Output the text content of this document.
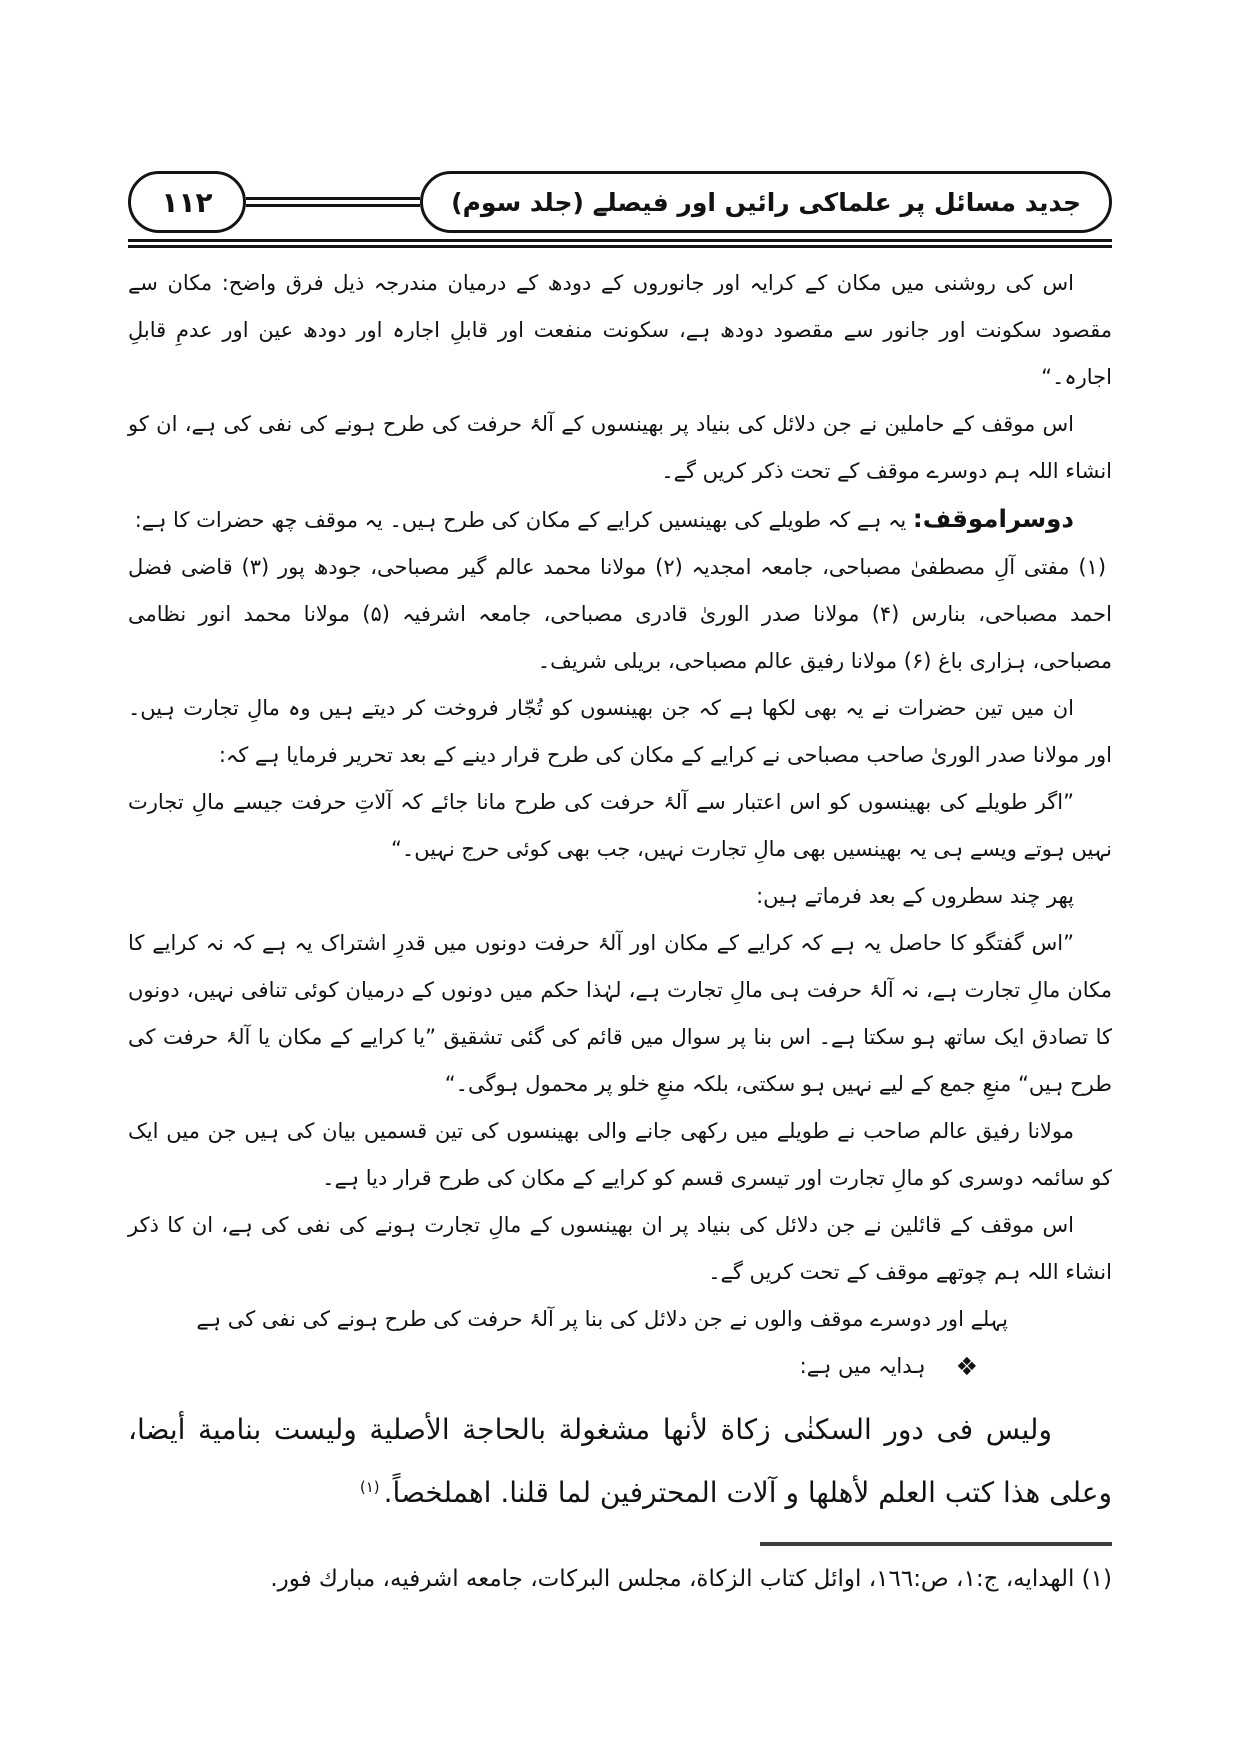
۱۱۲	جدید مسائل پر علماکی رائیں اور فیصلے (جلد سوم)

اس کی روشنی میں مکان کے کرایہ اور جانوروں کے دودھ کے درمیان مندرجہ ذیل فرق واضح: مکان سے مقصود سکونت اور جانور سے مقصود دودھ ہے، سکونت منفعت اور قابلِ اجارہ اور دودھ عین اور عدمِ قابلِ اجارہ۔“

اس موقف کے حاملین نے جن دلائل کی بنیاد پر بھینسوں کے آلۂ حرفت کی طرح ہونے کی نفی کی ہے، ان کو انشاء اللہ ہم دوسرے موقف کے تحت ذکر کریں گے۔

دوسراموقف: یہ ہے کہ طویلے کی بھینسیں کرایے کے مکان کی طرح ہیں۔ یہ موقف چھ حضرات کا ہے:

(۱) مفتی آلِ مصطفیٰ مصباحی، جامعہ امجدیہ (۲) مولانا محمد عالم گیر مصباحی، جودھ پور (۳) قاضی فضل احمد مصباحی، بنارس (۴) مولانا صدر الورىٰ قادری مصباحی، جامعہ اشرفیہ (۵) مولانا محمد انور نظامی مصباحی، ہزاری باغ (۶) مولانا رفیق عالم مصباحی، بریلی شریف۔

ان میں تین حضرات نے یہ بھی لکھا ہے کہ جن بھینسوں کو تُجّار فروخت کر دیتے ہیں وہ مالِ تجارت ہیں۔ اور مولانا صدر الورىٰ صاحب مصباحی نے کرایے کے مکان کی طرح قرار دینے کے بعد تحریر فرمایا ہے کہ:

”اگر طویلے کی بھینسوں کو اس اعتبار سے آلۂ حرفت کی طرح مانا جائے کہ آلاتِ حرفت جیسے مالِ تجارت نہیں ہوتے ویسے ہی یہ بھینسیں بھی مالِ تجارت نہیں، جب بھی کوئی حرج نہیں۔“

پھر چند سطروں کے بعد فرماتے ہیں:

”اس گفتگو کا حاصل یہ ہے کہ کرایے کے مکان اور آلۂ حرفت دونوں میں قدرِ اشتراک یہ ہے کہ نہ کرایے کا مکان مالِ تجارت ہے، نہ آلۂ حرفت ہی مالِ تجارت ہے، لہٰذا حکم میں دونوں کے درمیان کوئی تنافی نہیں، دونوں کا تصادق ایک ساتھ ہو سکتا ہے۔ اس بنا پر سوال میں قائم کی گئی تشقیق ”یا کرایے کے مکان یا آلۂ حرفت کی طرح ہیں“ منعِ جمع کے لیے نہیں ہو سکتی، بلکہ منعِ خلو پر محمول ہوگی۔“

مولانا رفیق عالم صاحب نے طویلے میں رکھی جانے والی بھینسوں کی تین قسمیں بیان کی ہیں جن میں ایک کو سائمہ دوسری کو مالِ تجارت اور تیسری قسم کو کرایے کے مکان کی طرح قرار دیا ہے۔

اس موقف کے قائلین نے جن دلائل کی بنیاد پر ان بھینسوں کے مالِ تجارت ہونے کی نفی کی ہے، ان کا ذکر انشاء اللہ ہم چوتھے موقف کے تحت کریں گے۔

پہلے اور دوسرے موقف والوں نے جن دلائل کی بنا پر آلۂ حرفت کی طرح ہونے کی نفی کی ہے

❖
ہدایہ میں ہے:

وليس فى دور السكنٰى زكاة لأنها مشغولة بالحاجة الأصلية وليست بنامية أيضا، وعلى هذا كتب العلم لأهلها و آلات المحترفين لما قلنا. اهملخصاً.$^{(١)}$

(١) الهدايه، ج:١، ص:١٦٦، اوائل كتاب الزكاة، مجلس البركات، جامعه اشرفيه، مبارك فور.
